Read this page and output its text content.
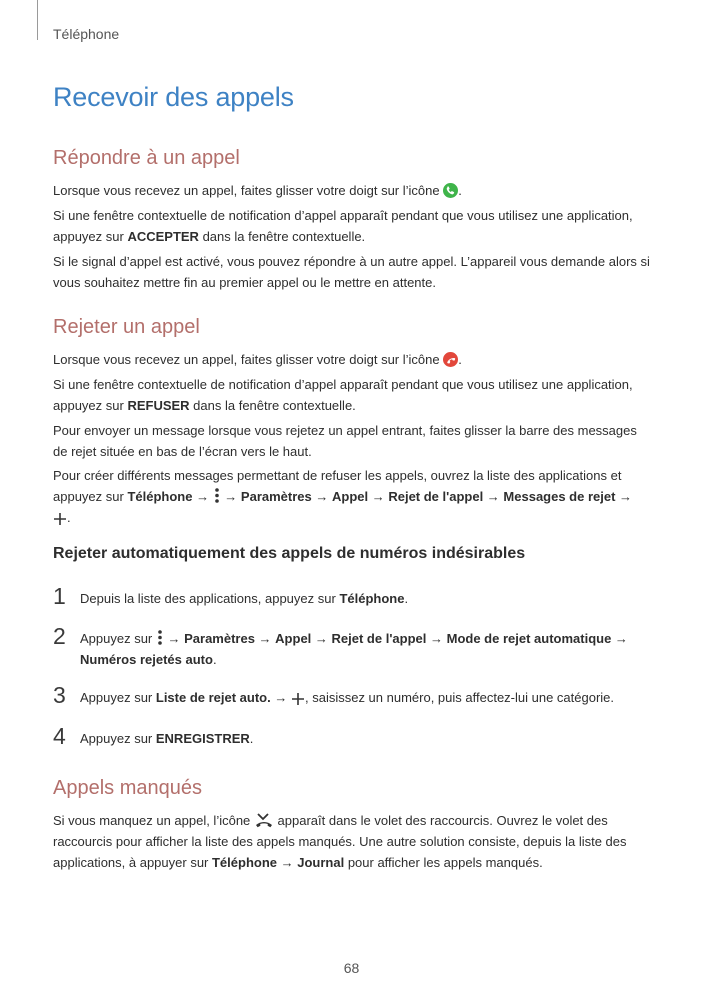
Téléphone
Recevoir des appels
Répondre à un appel

Lorsque vous recevez un appel, faites glisser votre doigt sur l’icône .

Si une fenêtre contextuelle de notification d’appel apparaît pendant que vous utilisez une application, appuyez sur ACCEPTER dans la fenêtre contextuelle.

Si le signal d’appel est activé, vous pouvez répondre à un autre appel. L’appareil vous demande alors si vous souhaitez mettre fin au premier appel ou le mettre en attente.

Rejeter un appel

Lorsque vous recevez un appel, faites glisser votre doigt sur l’icône .

Si une fenêtre contextuelle de notification d’appel apparaît pendant que vous utilisez une application, appuyez sur REFUSER dans la fenêtre contextuelle.

Pour envoyer un message lorsque vous rejetez un appel entrant, faites glisser la barre des messages de rejet située en bas de l’écran vers le haut.

Pour créer différents messages permettant de refuser les appels, ouvrez la liste des applications et appuyez sur Téléphone →  → Paramètres → Appel → Rejet de l'appel → Messages de rejet →
.

Rejeter automatiquement des appels de numéros indésirables
1 Depuis la liste des applications, appuyez sur Téléphone.

2 Appuyez sur  → Paramètres → Appel → Rejet de l'appel → Mode de rejet automatique →
Numéros rejetés auto.

3 Appuyez sur Liste de rejet auto. → , saisissez un numéro, puis affectez-lui une catégorie.

4 Appuyez sur ENREGISTRER.

Appels manqués

Si vous manquez un appel, l’icône  apparaît dans le volet des raccourcis. Ouvrez le volet des raccourcis pour afficher la liste des appels manqués. Une autre solution consiste, depuis la liste des applications, à appuyer sur Téléphone → Journal pour afficher les appels manqués.

68
